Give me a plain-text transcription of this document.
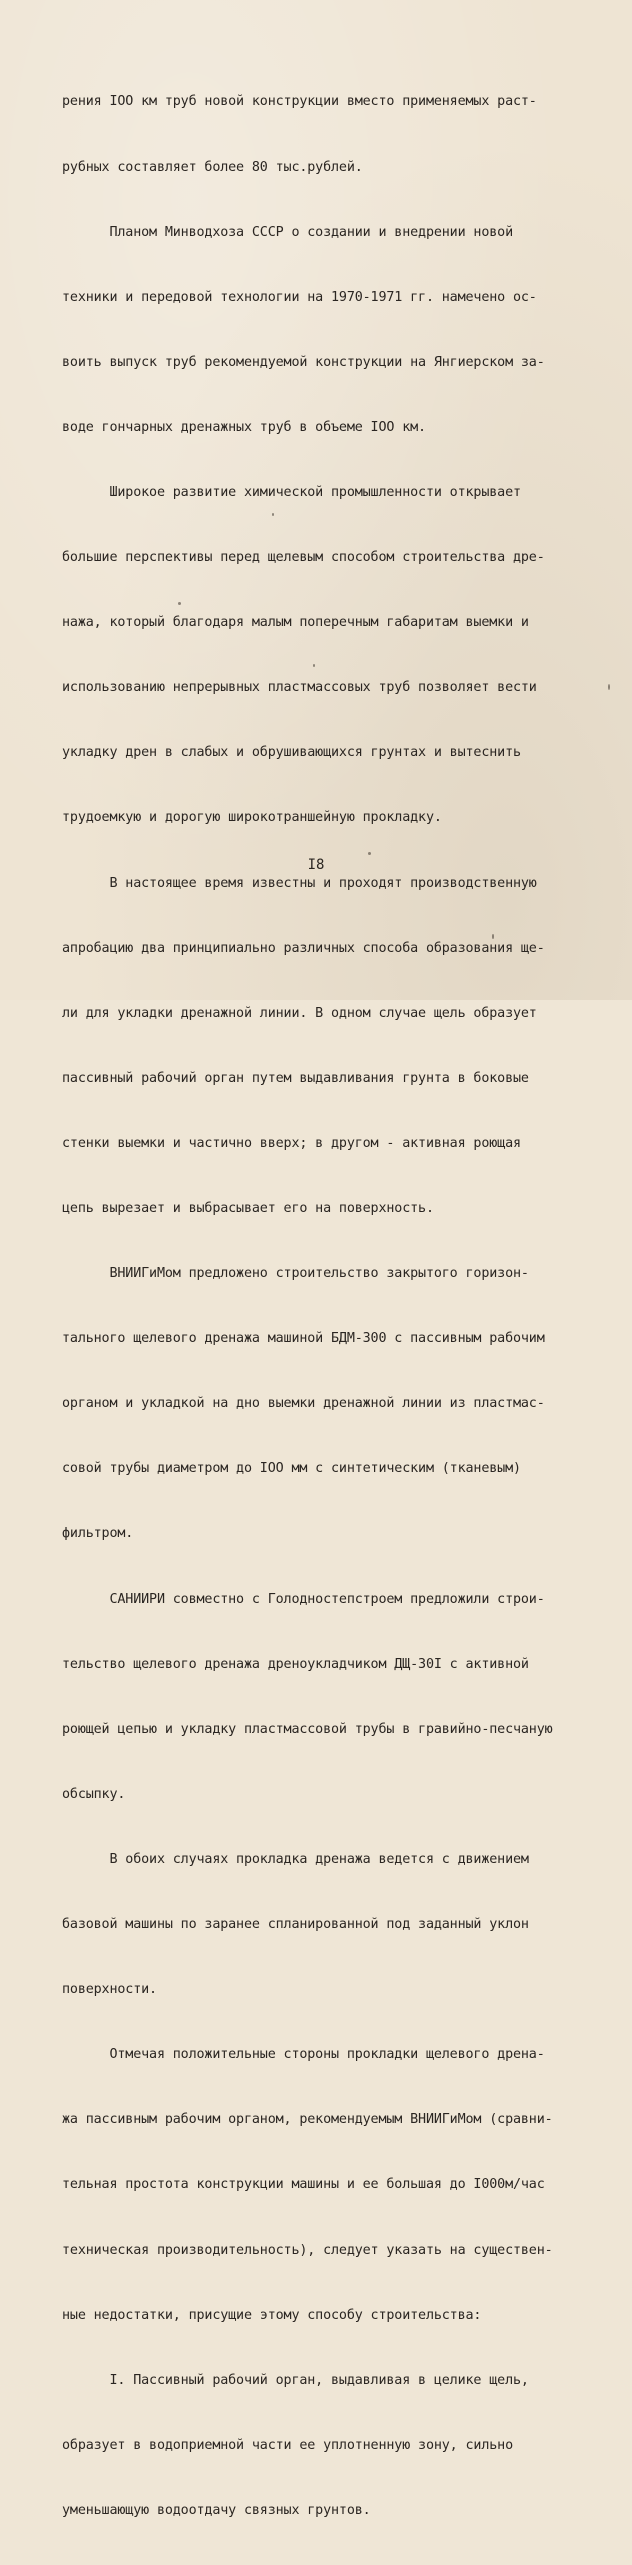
рения IOO км труб новой конструкции вместо применяемых раст-

рубных составляет более 80 тыс.рублей.

Планом Минводхоза СССР о создании и внедрении новой

техники и передовой технологии на 1970-1971 гг. намечено ос-

воить выпуск труб рекомендуемой конструкции на Янгиерском за-

воде гончарных дренажных труб в объеме IOO км.

Широкое развитие химической промышленности открывает

большие перспективы перед щелевым способом строительства дре-

нажа, который благодаря малым поперечным габаритам выемки и

использованию непрерывных пластмассовых труб позволяет вести

укладку дрен в слабых и обрушивающихся грунтах и вытеснить

трудоемкую и дорогую широкотраншейную прокладку.

В настоящее время известны и проходят производственную

апробацию два принципиально различных способа образования ще-

ли для укладки дренажной линии. В одном случае щель образует

пассивный рабочий орган путем выдавливания грунта в боковые

стенки выемки и частично вверх; в другом - активная роющая

цепь вырезает и выбрасывает его на поверхность.

ВНИИГиМом предложено строительство закрытого горизон-

тального щелевого дренажа машиной БДМ-300 с пассивным рабочим

органом и укладкой на дно выемки дренажной линии из пластмас-

совой трубы диаметром до IOO мм с синтетическим (тканевым)

фильтром.

САНИИРИ совместно с Голодностепстроем предложили строи-

тельство щелевого дренажа дреноукладчиком ДЩ-30I с активной

роющей цепью и укладку пластмассовой трубы в гравийно-песчаную

обсыпку.

В обоих случаях прокладка дренажа ведется с движением

базовой машины по заранее спланированной под заданный уклон

поверхности.

Отмечая положительные стороны прокладки щелевого дрена-

жа пассивным рабочим органом, рекомендуемым ВНИИГиМом (сравни-

тельная простота конструкции машины и ее большая до I000м/час

техническая производительность), следует указать на существен-

ные недостатки, присущие этому способу строительства:

I. Пассивный рабочий орган, выдавливая в целике щель,

образует в водоприемной части ее уплотненную зону, сильно

уменьшающую водоотдачу связных грунтов.

I8
